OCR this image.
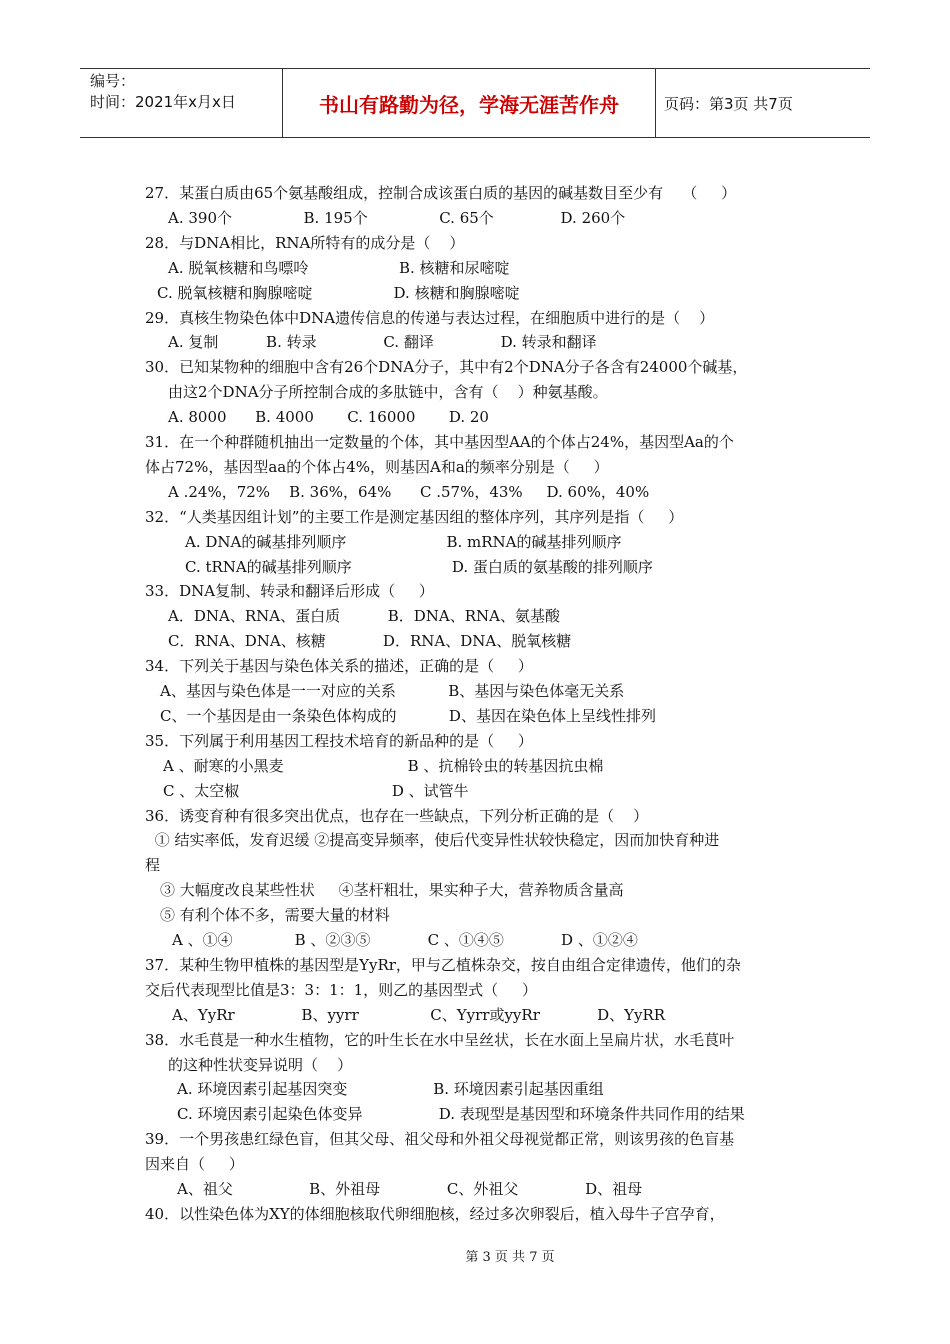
编号：
时间：2021年x月x日	书山有路勤为径，学海无涯苦作舟	页码：第3页 共7页
27．某蛋白质由65个氨基酸组成，控制合成该蛋白质的基因的碱基数目至少有    （     ）
A. 390个               B. 195个               C. 65个              D. 260个
28．与DNA相比，RNA所特有的成分是（    ）
A. 脱氧核糖和鸟嘌呤                   B. 核糖和尿嘧啶
C. 脱氧核糖和胸腺嘧啶                 D. 核糖和胸腺嘧啶
29．真核生物染色体中DNA遗传信息的传递与表达过程，在细胞质中进行的是（    ）
A. 复制          B. 转录              C. 翻译              D. 转录和翻译
30．已知某物种的细胞中含有26个DNA分子，其中有2个DNA分子各含有24000个碱基，
由这2个DNA分子所控制合成的多肽链中，含有（    ）种氨基酸。
A. 8000      B. 4000       C. 16000       D. 20
31．在一个种群随机抽出一定数量的个体，其中基因型AA的个体占24%，基因型Aa的个
体占72%，基因型aa的个体占4%，则基因A和a的频率分别是（     ）
A .24%，72%    B. 36%，64%      C .57%，43%     D. 60%，40%
32．“人类基因组计划”的主要工作是测定基因组的整体序列，其序列是指（     ）
A. DNA的碱基排列顺序                     B. mRNA的碱基排列顺序
C. tRNA的碱基排列顺序                     D. 蛋白质的氨基酸的排列顺序
33．DNA复制、转录和翻译后形成（     ）
A．DNA、RNA、蛋白质          B．DNA、RNA、氨基酸
C．RNA、DNA、核糖            D．RNA、DNA、脱氧核糖
34．下列关于基因与染色体关系的描述，正确的是（     ）
A、基因与染色体是一一对应的关系           B、基因与染色体毫无关系
C、一个基因是由一条染色体构成的           D、基因在染色体上呈线性排列
35．下列属于利用基因工程技术培育的新品种的是（     ）
A 、耐寒的小黑麦                          B 、抗棉铃虫的转基因抗虫棉
C 、太空椒                                D 、试管牛
36．诱变育种有很多突出优点，也存在一些缺点，下列分析正确的是（    ）
① 结实率低，发育迟缓 ②提高变异频率，使后代变异性状较快稳定，因而加快育种进
程
③ 大幅度改良某些性状     ④茎杆粗壮，果实种子大，营养物质含量高
⑤ 有利个体不多，需要大量的材料
A 、①④             B 、②③⑤            C 、①④⑤            D 、①②④
37．某种生物甲植株的基因型是YyRr，甲与乙植株杂交，按自由组合定律遗传，他们的杂
交后代表现型比值是3：3：1：1，则乙的基因型式（     ）
A、YyRr              B、yyrr               C、Yyrr或yyRr            D、YyRR
38．水毛茛是一种水生植物，它的叶生长在水中呈丝状，长在水面上呈扁片状，水毛茛叶
的这种性状变异说明（    ）
A. 环境因素引起基因突变                  B. 环境因素引起基因重组
C. 环境因素引起染色体变异                D. 表现型是基因型和环境条件共同作用的结果
39．一个男孩患红绿色盲，但其父母、祖父母和外祖父母视觉都正常，则该男孩的色盲基
因来自（     ）
A、祖父                B、外祖母              C、外祖父              D、祖母
40．以性染色体为XY的体细胞核取代卵细胞核，经过多次卵裂后，植入母牛子宫孕育，
第 3 页 共 7 页
